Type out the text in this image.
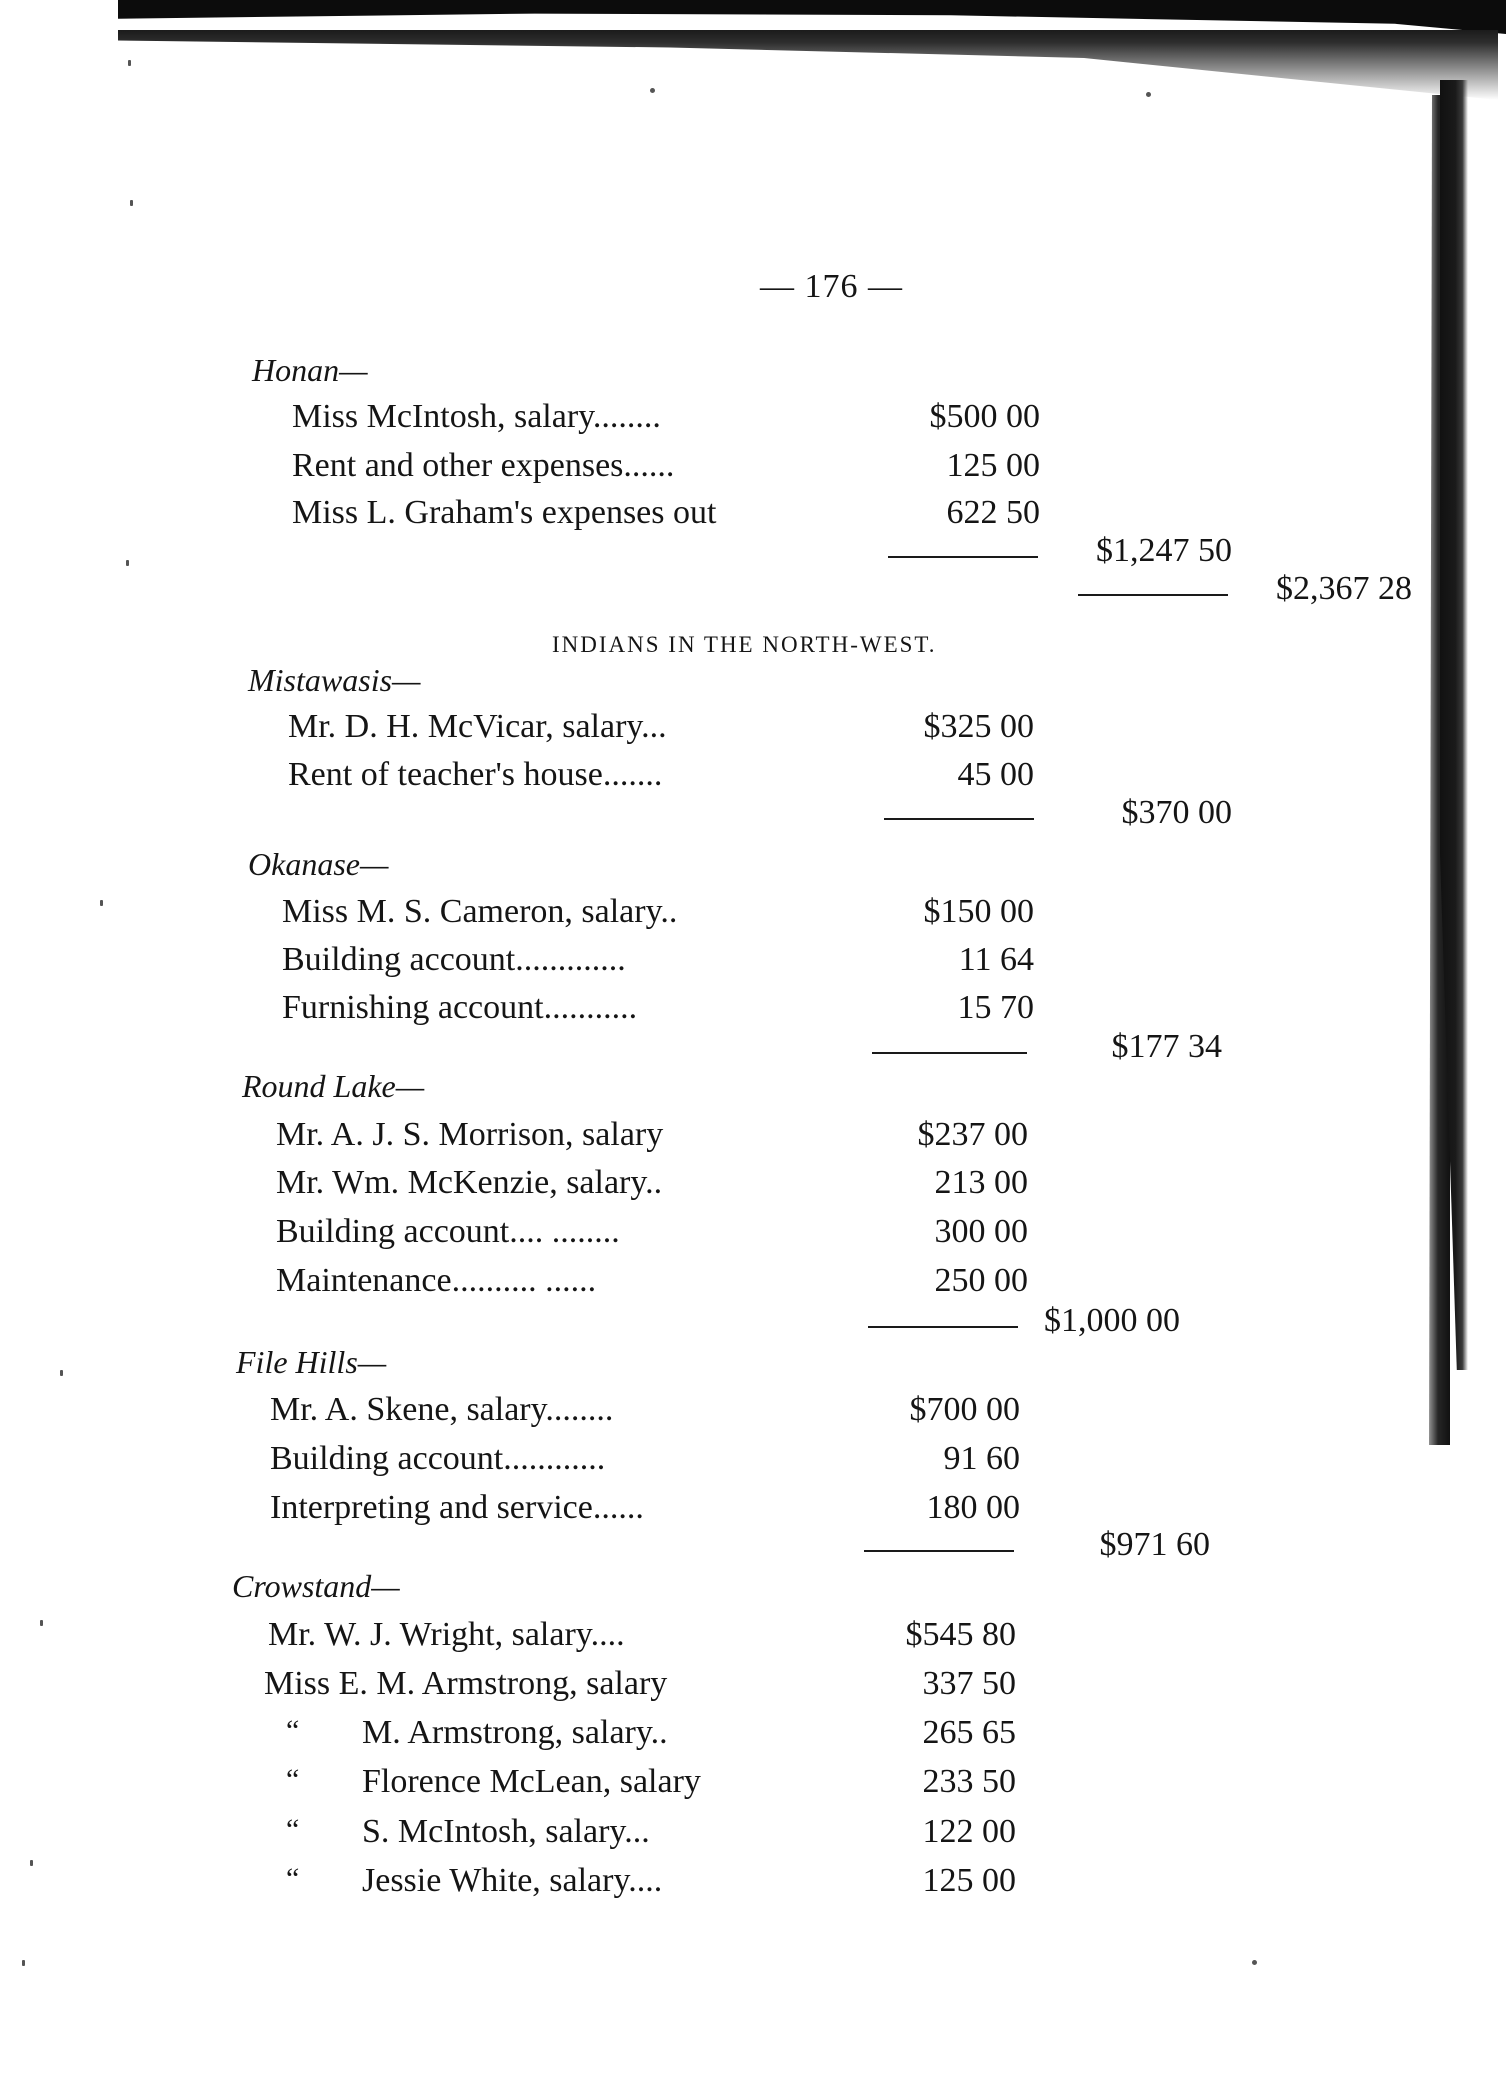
— 176 —
Honan—
Miss McIntosh, salary........	$500 00
Rent and other expenses......	125 00
Miss L. Graham's expenses out	622 50
$1,247 50
$2,367 28
INDIANS IN THE NORTH-WEST.
Mistawasis—
Mr. D. H. McVicar, salary...	$325 00
Rent of teacher's house.......	45 00
$370 00
Okanase—
Miss M. S. Cameron, salary..	$150 00
Building account.............	11 64
Furnishing account...........	15 70
$177 34
Round Lake—
Mr. A. J. S. Morrison, salary	$237 00
Mr. Wm. McKenzie, salary..	213 00
Building account.... ........	300 00
Maintenance.......... ......	250 00
$1,000 00
File Hills—
Mr. A. Skene, salary........	$700 00
Building account............	91 60
Interpreting and service......	180 00
$971 60
Crowstand—
Mr. W. J. Wright, salary....	$545 80
Miss E. M. Armstrong, salary	337 50
“ M. Armstrong, salary..	265 65
“ Florence McLean, salary	233 50
“ S. McIntosh, salary...	122 00
“ Jessie White, salary....	125 00
